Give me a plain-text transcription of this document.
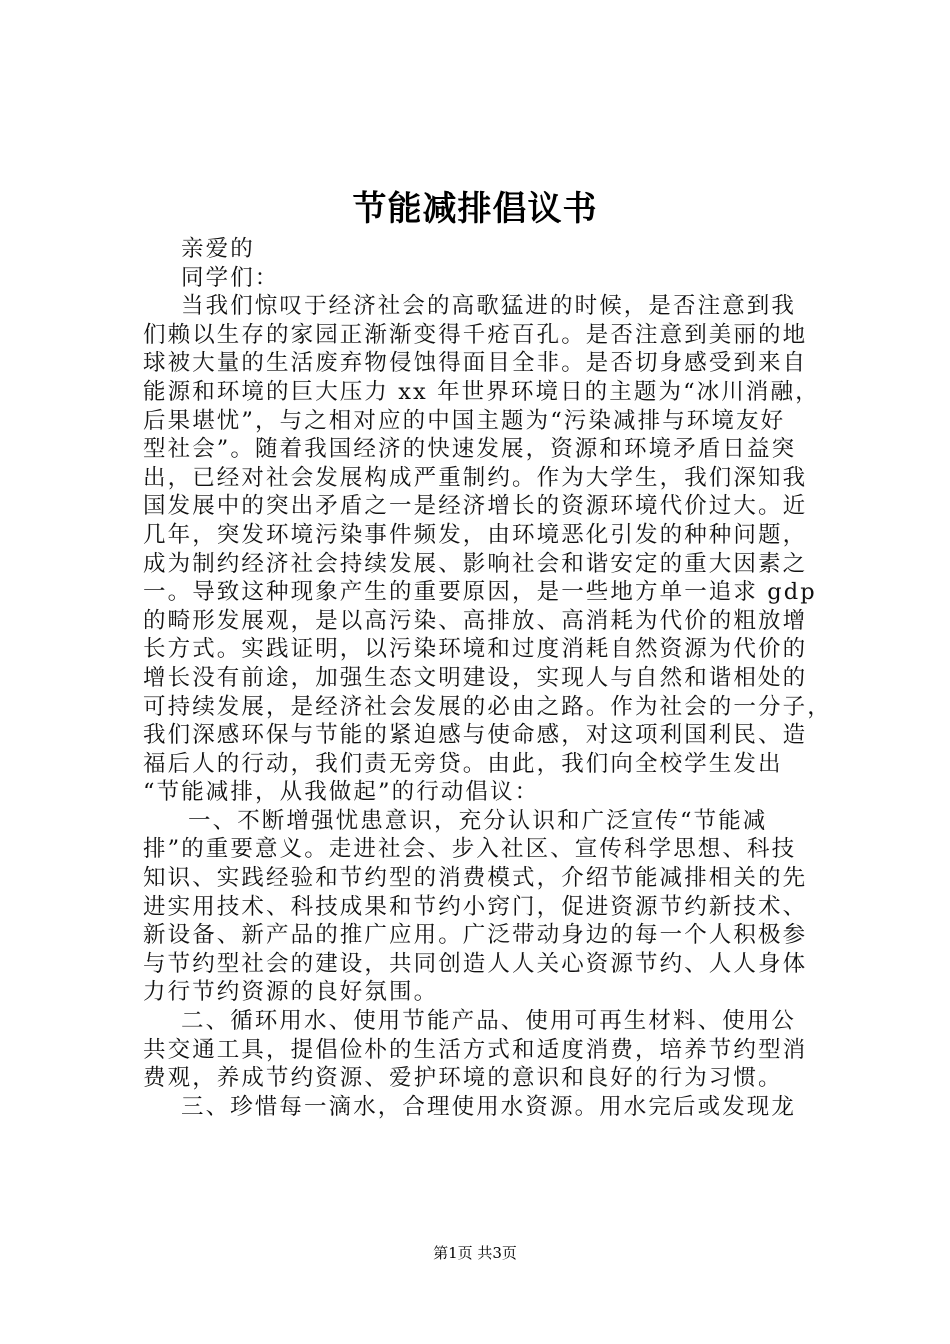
节能减排倡议书
亲爱的
同学们：
当我们惊叹于经济社会的高歌猛进的时候，是否注意到我
们赖以生存的家园正渐渐变得千疮百孔。是否注意到美丽的地
球被大量的生活废弃物侵蚀得面目全非。是否切身感受到来自
能源和环境的巨大压力 xx 年世界环境日的主题为“冰川消融，
后果堪忧”，与之相对应的中国主题为“污染减排与环境友好
型社会”。随着我国经济的快速发展，资源和环境矛盾日益突
出，已经对社会发展构成严重制约。作为大学生，我们深知我
国发展中的突出矛盾之一是经济增长的资源环境代价过大。近
几年，突发环境污染事件频发，由环境恶化引发的种种问题，
成为制约经济社会持续发展、影响社会和谐安定的重大因素之
一。导致这种现象产生的重要原因，是一些地方单一追求 gdp
的畸形发展观，是以高污染、高排放、高消耗为代价的粗放增
长方式。实践证明，以污染环境和过度消耗自然资源为代价的
增长没有前途，加强生态文明建设，实现人与自然和谐相处的
可持续发展，是经济社会发展的必由之路。作为社会的一分子，
我们深感环保与节能的紧迫感与使命感，对这项利国利民、造
福后人的行动，我们责无旁贷。由此，我们向全校学生发出
“节能减排，从我做起”的行动倡议：
一、不断增强忧患意识，充分认识和广泛宣传“节能减
排”的重要意义。走进社会、步入社区、宣传科学思想、科技
知识、实践经验和节约型的消费模式，介绍节能减排相关的先
进实用技术、科技成果和节约小窍门，促进资源节约新技术、
新设备、新产品的推广应用。广泛带动身边的每一个人积极参
与节约型社会的建设，共同创造人人关心资源节约、人人身体
力行节约资源的良好氛围。
二、循环用水、使用节能产品、使用可再生材料、使用公
共交通工具，提倡俭朴的生活方式和适度消费，培养节约型消
费观，养成节约资源、爱护环境的意识和良好的行为习惯。
三、珍惜每一滴水，合理使用水资源。用水完后或发现龙
第1页 共3页
